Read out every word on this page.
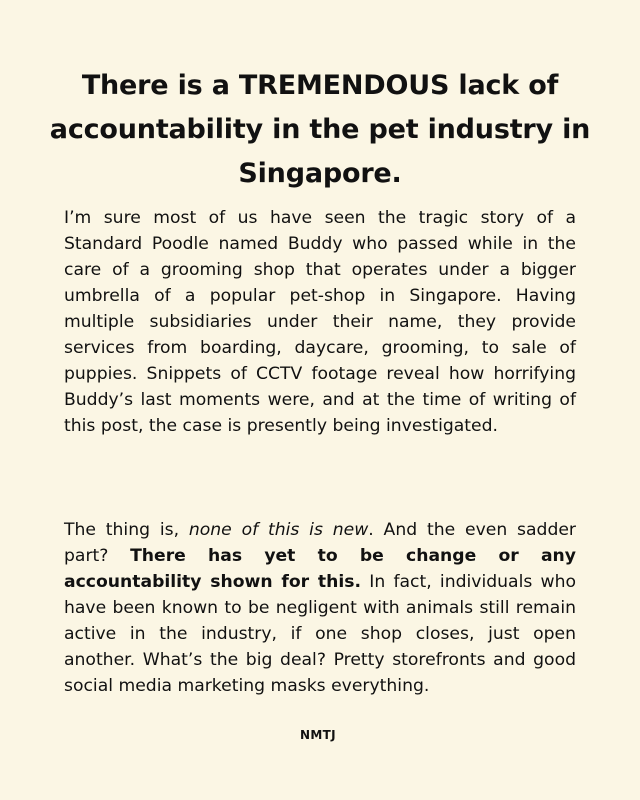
There is a TREMENDOUS lack of accountability in the pet industry in Singapore.

I’m sure most of us have seen the tragic story of a Standard Poodle named Buddy who passed while in the care of a grooming shop that operates under a bigger umbrella of a popular pet-shop in Singapore. Having multiple subsidiaries under their name, they provide services from boarding, daycare, grooming, to sale of puppies. Snippets of CCTV footage reveal how horrifying Buddy’s last moments were, and at the time of writing of this post, the case is presently being investigated.

The thing is, none of this is new. And the even sadder part? There has yet to be change or any accountability shown for this. In fact, individuals who have been known to be negligent with animals still remain active in the industry, if one shop closes, just open another. What’s the big deal? Pretty storefronts and good social media marketing masks everything.

NMTJ
